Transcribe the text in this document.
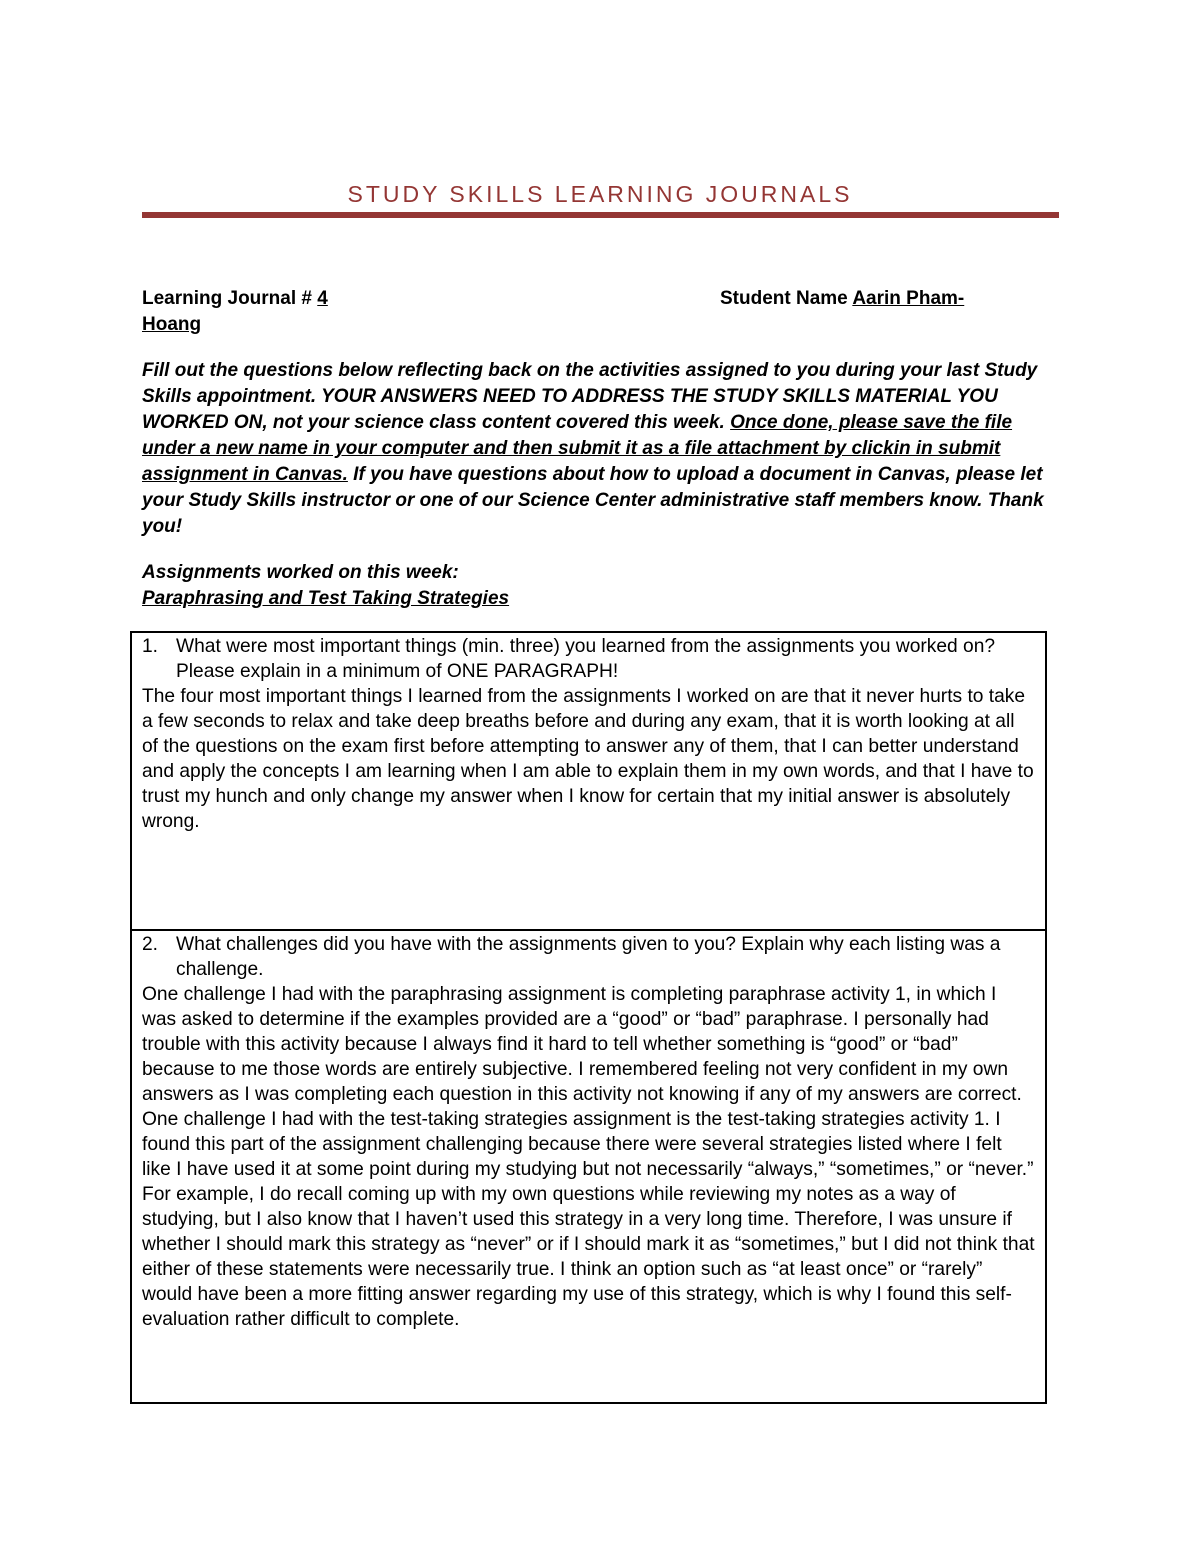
STUDY SKILLS LEARNING JOURNALS
Learning Journal # 4	Student Name Aarin Pham-
Hoang
Fill out the questions below reflecting back on the activities assigned to you during your last Study Skills appointment. YOUR ANSWERS NEED TO ADDRESS THE STUDY SKILLS MATERIAL YOU WORKED ON, not your science class content covered this week. Once done, please save the file under a new name in your computer and then submit it as a file attachment by clickin in submit assignment in Canvas. If you have questions about how to upload a document in Canvas, please let your Study Skills instructor or one of our Science Center administrative staff members know. Thank you!
Assignments worked on this week:
Paraphrasing and Test Taking Strategies
1. What were most important things (min. three) you learned from the assignments you worked on? Please explain in a minimum of ONE PARAGRAPH!

The four most important things I learned from the assignments I worked on are that it never hurts to take a few seconds to relax and take deep breaths before and during any exam, that it is worth looking at all of the questions on the exam first before attempting to answer any of them, that I can better understand and apply the concepts I am learning when I am able to explain them in my own words, and that I have to trust my hunch and only change my answer when I know for certain that my initial answer is absolutely wrong.

2. What challenges did you have with the assignments given to you? Explain why each listing was a challenge.

One challenge I had with the paraphrasing assignment is completing paraphrase activity 1, in which I was asked to determine if the examples provided are a “good” or “bad” paraphrase. I personally had trouble with this activity because I always find it hard to tell whether something is “good” or “bad” because to me those words are entirely subjective. I remembered feeling not very confident in my own answers as I was completing each question in this activity not knowing if any of my answers are correct. One challenge I had with the test-taking strategies assignment is the test-taking strategies activity 1. I found this part of the assignment challenging because there were several strategies listed where I felt like I have used it at some point during my studying but not necessarily “always,” “sometimes,” or “never.” For example, I do recall coming up with my own questions while reviewing my notes as a way of studying, but I also know that I haven’t used this strategy in a very long time. Therefore, I was unsure if whether I should mark this strategy as “never” or if I should mark it as “sometimes,” but I did not think that either of these statements were necessarily true. I think an option such as “at least once” or “rarely” would have been a more fitting answer regarding my use of this strategy, which is why I found this self-evaluation rather difficult to complete.
